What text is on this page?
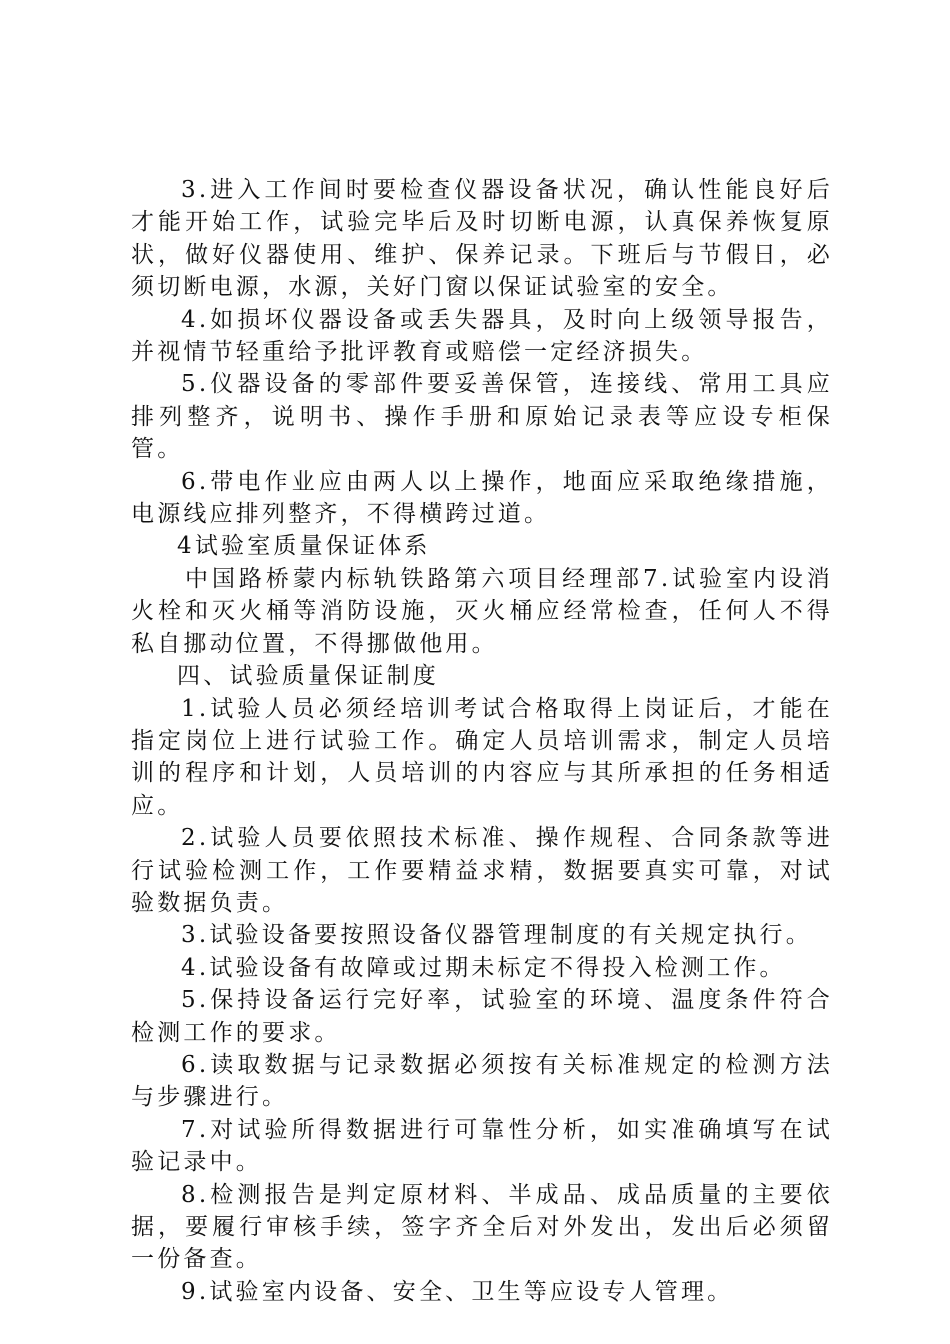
3.进入工作间时要检查仪器设备状况，确认性能良好后才能开始工作，试验完毕后及时切断电源，认真保养恢复原状，做好仪器使用、维护、保养记录。下班后与节假日，必须切断电源，水源，关好门窗以保证试验室的安全。

4.如损坏仪器设备或丢失器具，及时向上级领导报告，并视情节轻重给予批评教育或赔偿一定经济损失。

5.仪器设备的零部件要妥善保管，连接线、常用工具应排列整齐，说明书、操作手册和原始记录表等应设专柜保管。

6.带电作业应由两人以上操作，地面应采取绝缘措施，电源线应排列整齐，不得横跨过道。

4试验室质量保证体系

中国路桥蒙内标轨铁路第六项目经理部7.试验室内设消火栓和灭火桶等消防设施，灭火桶应经常检查，任何人不得私自挪动位置，不得挪做他用。

四、试验质量保证制度

1.试验人员必须经培训考试合格取得上岗证后，才能在指定岗位上进行试验工作。确定人员培训需求，制定人员培训的程序和计划，人员培训的内容应与其所承担的任务相适应。

2.试验人员要依照技术标准、操作规程、合同条款等进行试验检测工作，工作要精益求精，数据要真实可靠，对试验数据负责。

3.试验设备要按照设备仪器管理制度的有关规定执行。

4.试验设备有故障或过期未标定不得投入检测工作。

5.保持设备运行完好率，试验室的环境、温度条件符合检测工作的要求。

6.读取数据与记录数据必须按有关标准规定的检测方法与步骤进行。

7.对试验所得数据进行可靠性分析，如实准确填写在试验记录中。

8.检测报告是判定原材料、半成品、成品质量的主要依据，要履行审核手续，签字齐全后对外发出，发出后必须留一份备查。

9.试验室内设备、安全、卫生等应设专人管理。
